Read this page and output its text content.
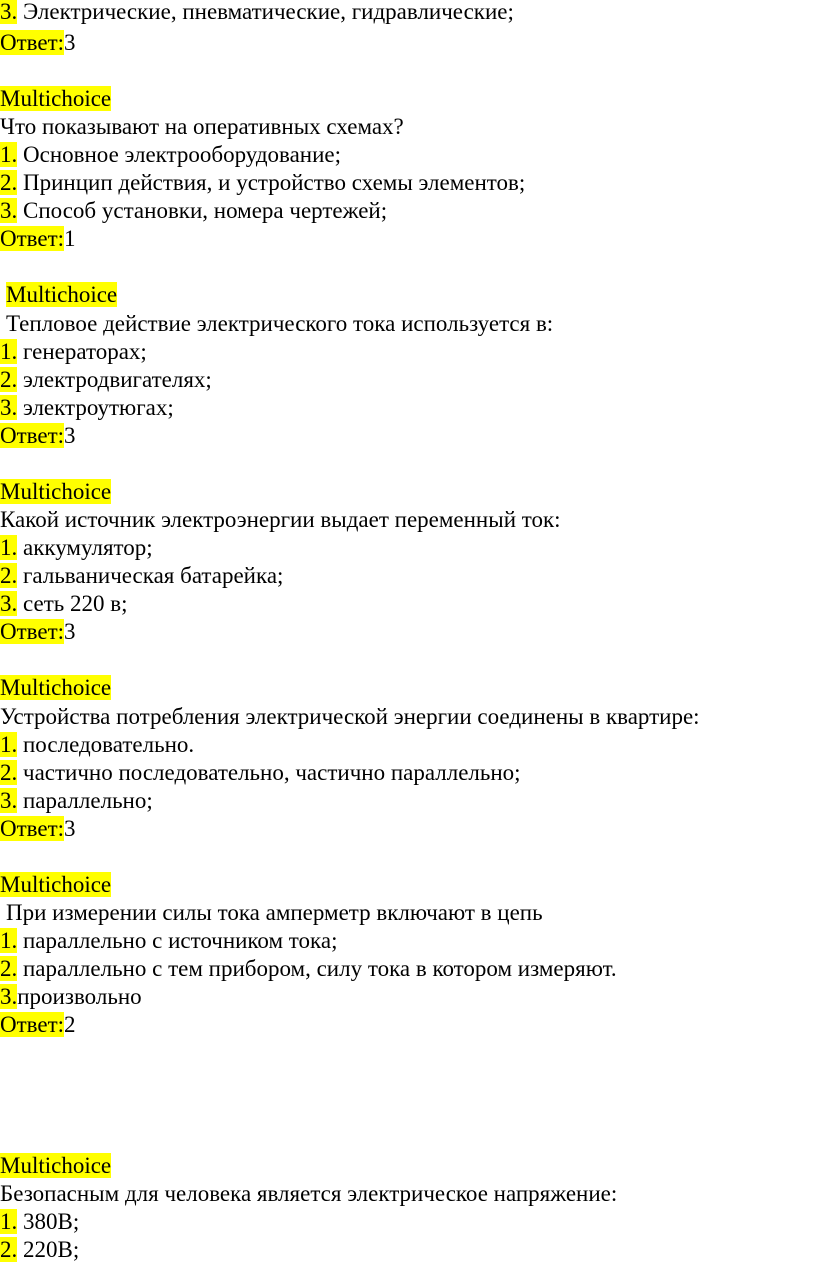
3. Электрические, пневматические, гидравлические;
Ответ:3
Multichoice
Что показывают на оперативных схемах?
1. Основное электрооборудование;
2. Принцип действия, и устройство схемы элементов;
3. Способ установки, номера чертежей;
Ответ:1
Multichoice
Тепловое действие электрического тока используется в:
1. генераторах;
2. электродвигателях;
3. электроутюгах;
Ответ:3
Multichoice
Какой источник электроэнергии выдает переменный ток:
1. аккумулятор;
2. гальваническая батарейка;
3. сеть 220 в;
Ответ:3
Multichoice
Устройства потребления электрической энергии соединены в квартире:
1. последовательно.
2. частично последовательно, частично параллельно;
3. параллельно;
Ответ:3
Multichoice
При измерении силы тока амперметр включают в цепь
1. параллельно с источником тока;
2. параллельно с тем прибором, силу тока в котором измеряют.
3.произвольно
Ответ:2
Multichoice
Безопасным для человека является электрическое напряжение:
1. 380В;
2. 220В;
